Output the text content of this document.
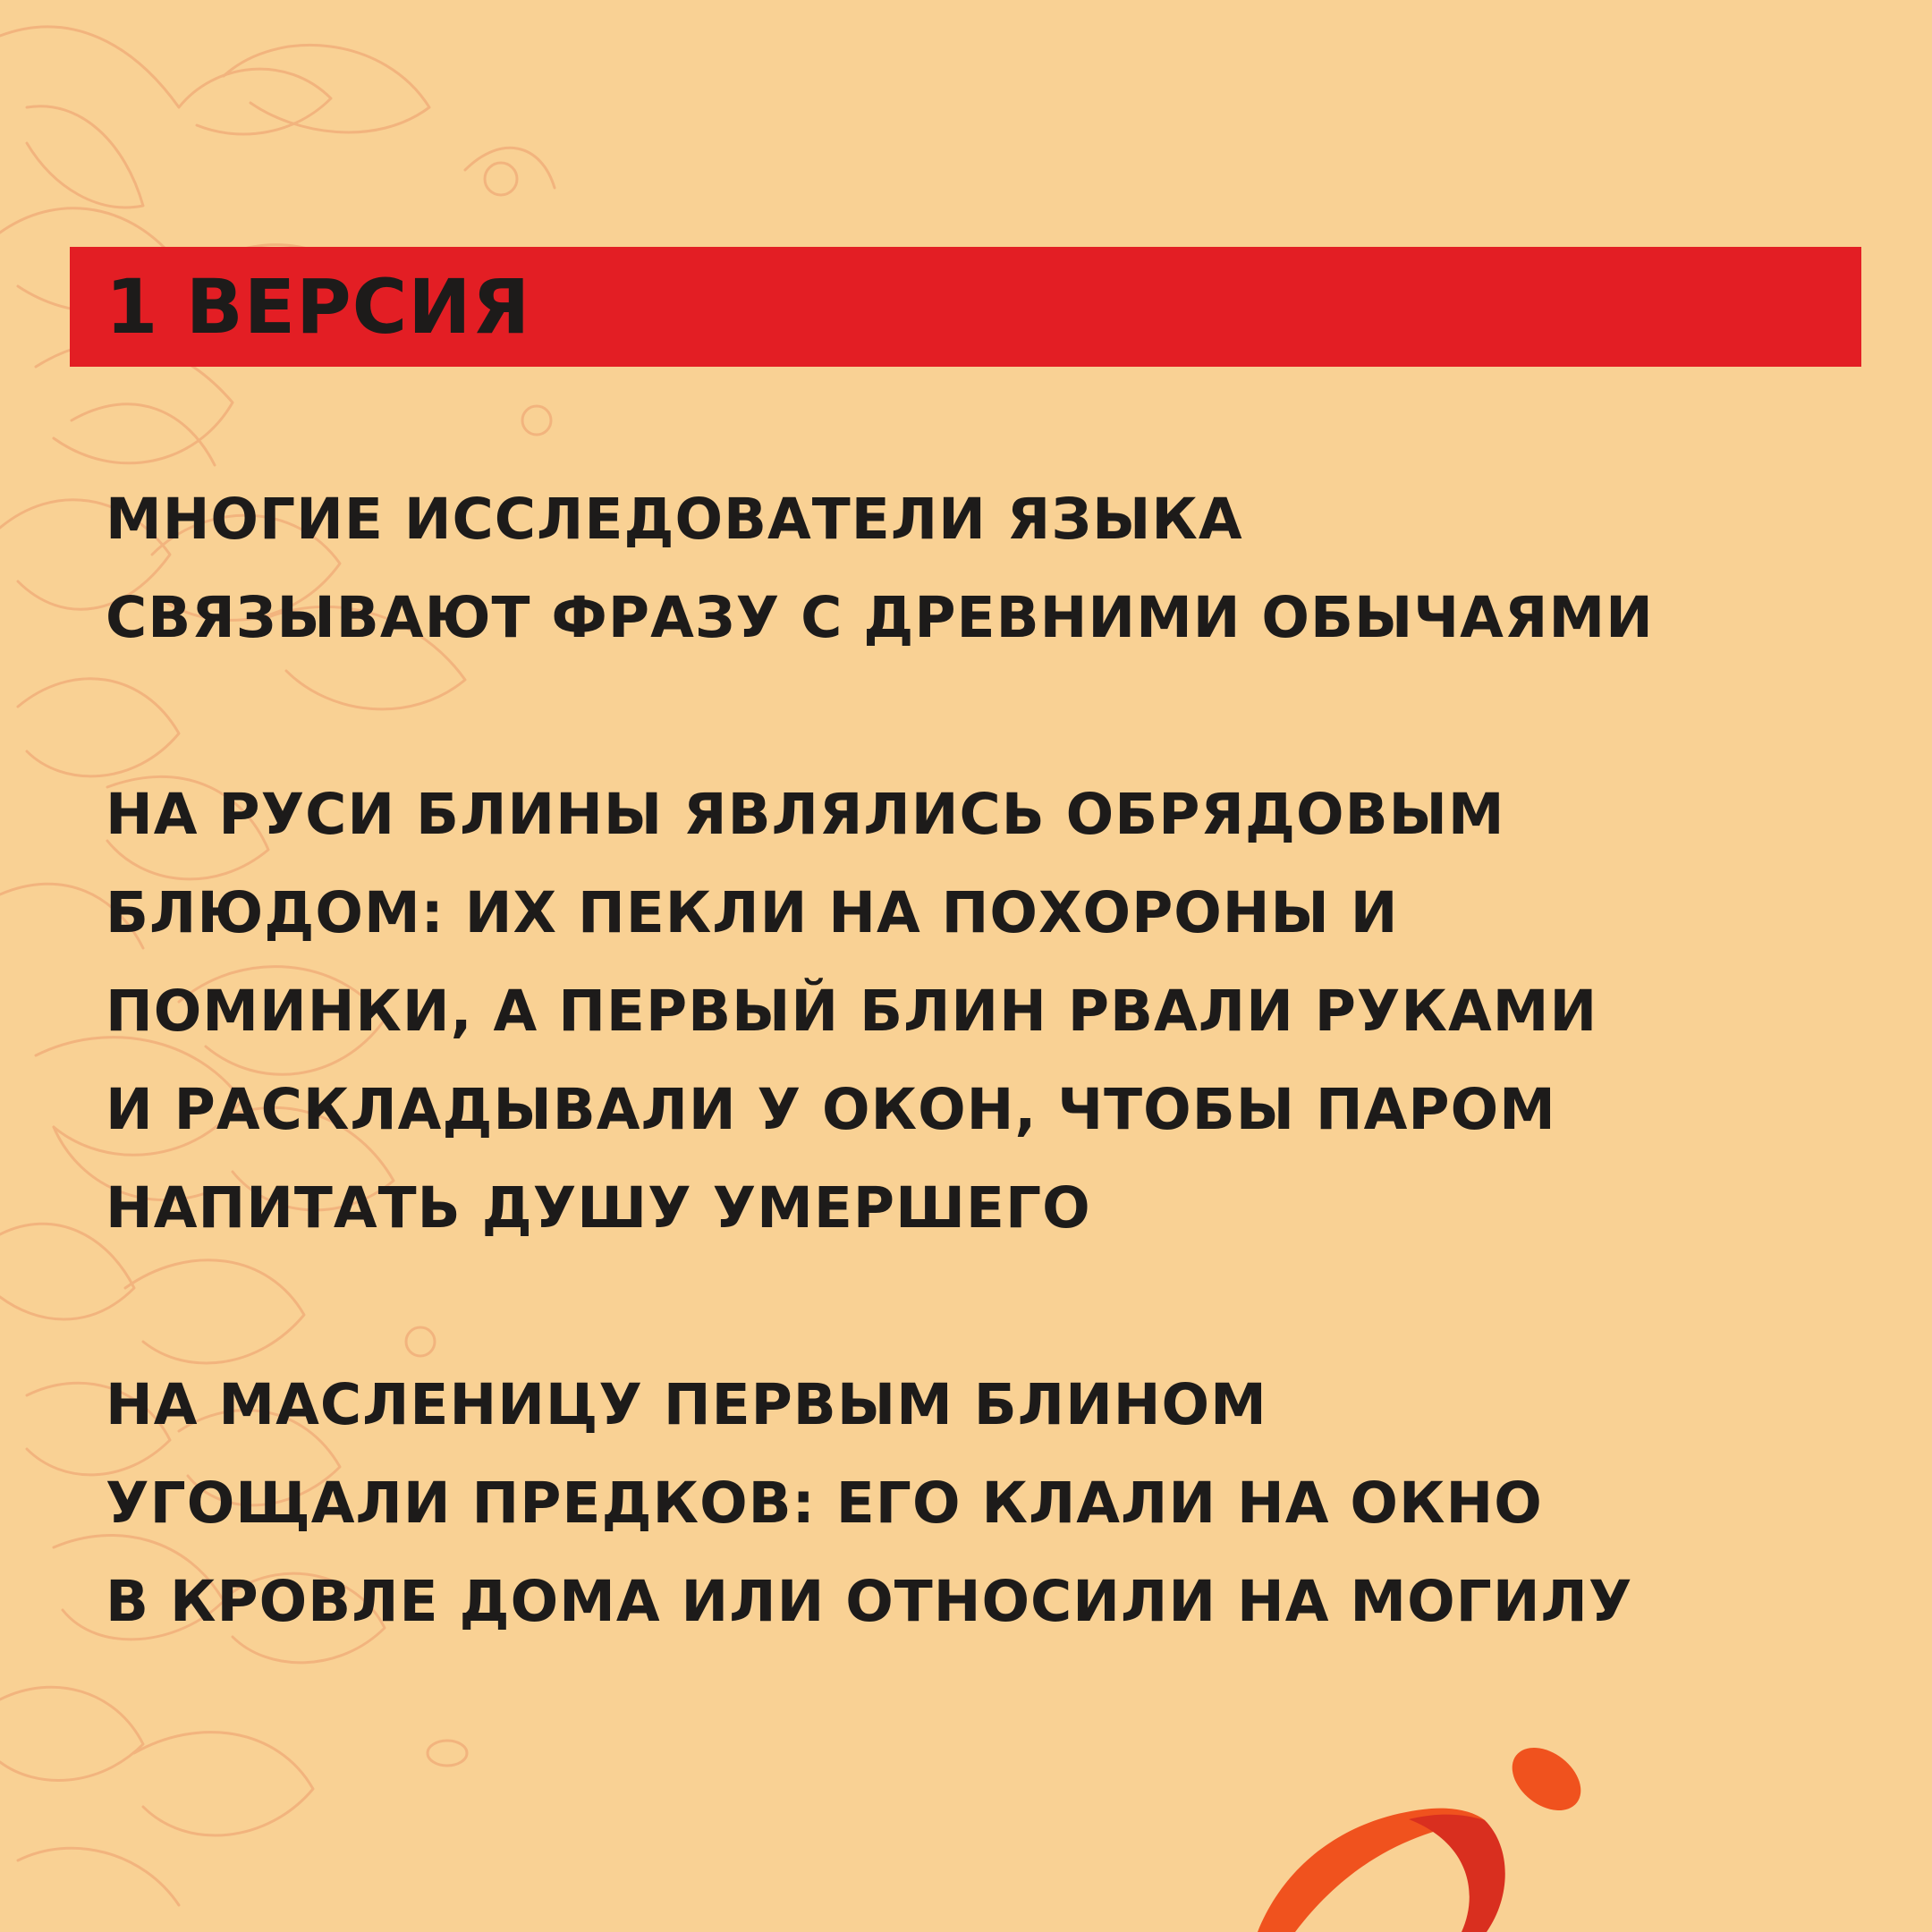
1 ВЕРСИЯ
МНОГИЕ ИССЛЕДОВАТЕЛИ ЯЗЫКА
СВЯЗЫВАЮТ ФРАЗУ С ДРЕВНИМИ ОБЫЧАЯМИ
НА РУСИ БЛИНЫ ЯВЛЯЛИСЬ ОБРЯДОВЫМ
БЛЮДОМ: ИХ ПЕКЛИ НА ПОХОРОНЫ И
ПОМИНКИ, А ПЕРВЫЙ БЛИН РВАЛИ РУКАМИ
И РАСКЛАДЫВАЛИ У ОКОН, ЧТОБЫ ПАРОМ
НАПИТАТЬ ДУШУ УМЕРШЕГО
НА МАСЛЕНИЦУ ПЕРВЫМ БЛИНОМ
УГОЩАЛИ ПРЕДКОВ: ЕГО КЛАЛИ НА ОКНО
В КРОВЛЕ ДОМА ИЛИ ОТНОСИЛИ НА МОГИЛУ
